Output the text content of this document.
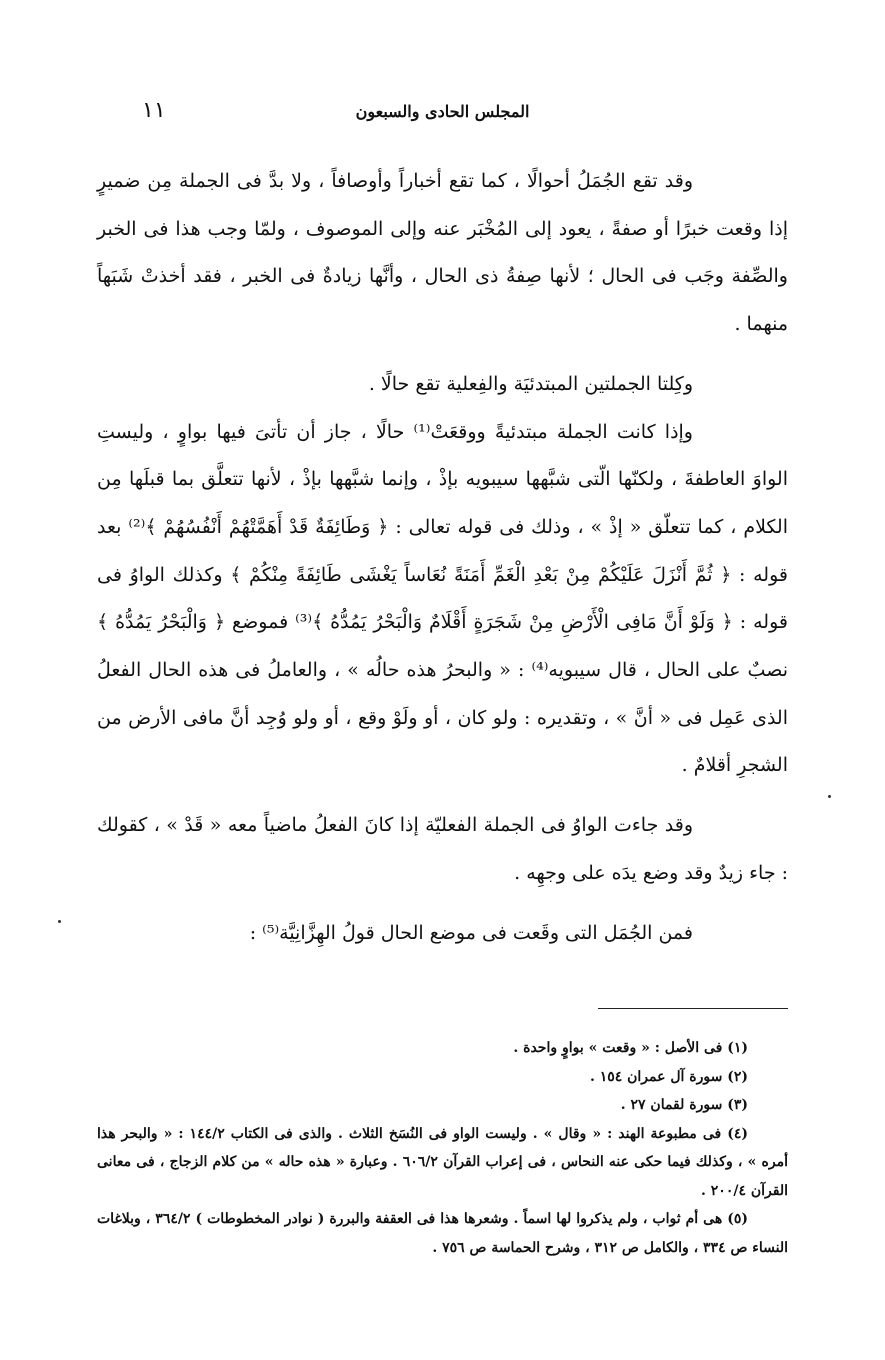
١١	المجلس الحادى والسبعون

وقد تقع الجُمَلُ أحوالًا ، كما تقع أخباراً وأوصافاً ، ولا بدَّ فى الجملة مِن ضميرٍ إذا وقعت خبرًا أو صفةً ، يعود إلى المُخْبَر عنه وإلى الموصوف ، ولمّا وجب هذا فى الخبر والصِّفة وجَب فى الحال ؛ لأنها صِفةُ ذى الحال ، وأنَّها زيادةٌ فى الخبر ، فقد أخذتْ شَبَهاً منهما .

وكِلتا الجملتين المبتدئيَة والفِعلية تقع حالًا .

وإذا كانت الجملة مبتدئيةً ووقعَتْ⁽¹⁾ حالًا ، جاز أن تأتىَ فيها بواوٍ ، وليستِ الواوَ العاطفةَ ، ولكنّها الّتى شبَّهها سيبويه بإذْ ، وإنما شبَّهها بإذْ ، لأنها تتعلَّق بما قبلَها مِن الكلام ، كما تتعلّق « إذْ » ، وذلك فى قوله تعالى : ﴿ وَطَائِفَةٌ قَدْ أَهَمَّتْهُمْ أَنْفُسُهُمْ ﴾⁽²⁾ بعد قوله : ﴿ ثُمَّ أَنْزَلَ عَلَيْكُمْ مِنْ بَعْدِ الْغَمِّ أَمَنَةً نُعَاساً يَغْشَى طَائِفَةً مِنْكُمْ ﴾ وكذلك الواوُ فى قوله : ﴿ وَلَوْ أَنَّ مَافِى الْأَرْضِ مِنْ شَجَرَةٍ أَقْلَامٌ وَالْبَحْرُ يَمُدُّهُ ﴾⁽³⁾ فموضع ﴿ وَالْبَحْرُ يَمُدُّهُ ﴾ نصبٌ على الحال ، قال سيبويه⁽⁴⁾ : « والبحرُ هذه حالُه » ، والعاملُ فى هذه الحال الفعلُ الذى عَمِل فى « أنَّ » ، وتقديره : ولو كان ، أو ولَوْ وقع ، أو ولو وُجِد أنَّ مافى الأرض من الشجرِ أقلامٌ .

وقد جاءت الواوُ فى الجملة الفعليّة إذا كانَ الفعلُ ماضياً معه « قَدْ » ، كقولك : جاء زيدٌ وقد وضع يدَه على وجهِه .

فمن الجُمَل التى وقَعت فى موضع الحال قولُ الهِزَّانِيَّة⁽⁵⁾ :

(١) فى الأصل : « وقعت » بواوٍ واحدة .

(٢) سورة آل عمران ١٥٤ .

(٣) سورة لقمان ٢٧ .

(٤) فى مطبوعة الهند : « وقال » . وليست الواو فى النُسَخ الثلاث . والذى فى الكتاب ١٤٤/٢ : « والبحر هذا أمره » ، وكذلك فيما حكى عنه النحاس ، فى إعراب القرآن ٦٠٦/٢ . وعبارة « هذه حاله » من كلام الزجاج ، فى معانى القرآن ٢٠٠/٤ .

(٥) هى أم ثواب ، ولم يذكروا لها اسماً . وشعرها هذا فى العقفة والبررة ( نوادر المخطوطات ) ٣٦٤/٢ ، وبلاغات النساء ص ٣٣٤ ، والكامل ص ٣١٢ ، وشرح الحماسة ص ٧٥٦ .
